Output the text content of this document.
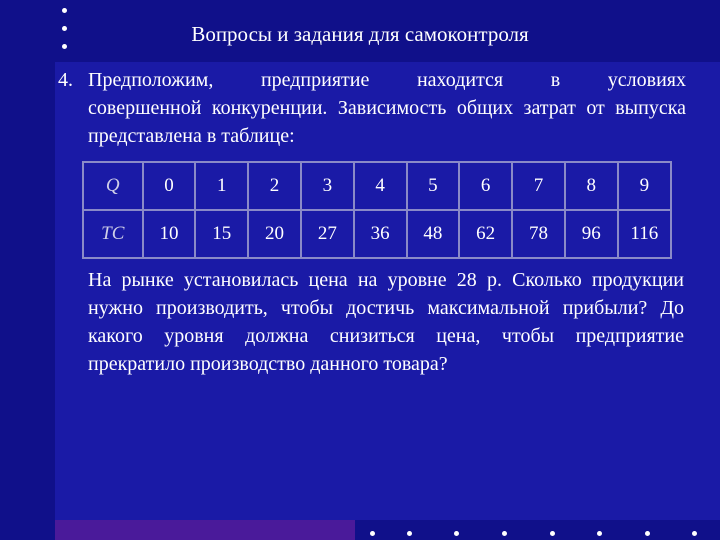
Вопросы и задания для самоконтроля
4. Предположим, предприятие находится в условиях
совершенной конкуренции. Зависимость общих затрат от выпуска представлена в таблице:
Q	0	1	2	3	4	5	6	7	8	9
TC	10	15	20	27	36	48	62	78	96	116
На рынке установилась цена на уровне 28 р. Сколько продукции нужно производить, чтобы достичь максимальной прибыли? До какого уровня должна снизиться цена, чтобы предприятие прекратило производство данного товара?
